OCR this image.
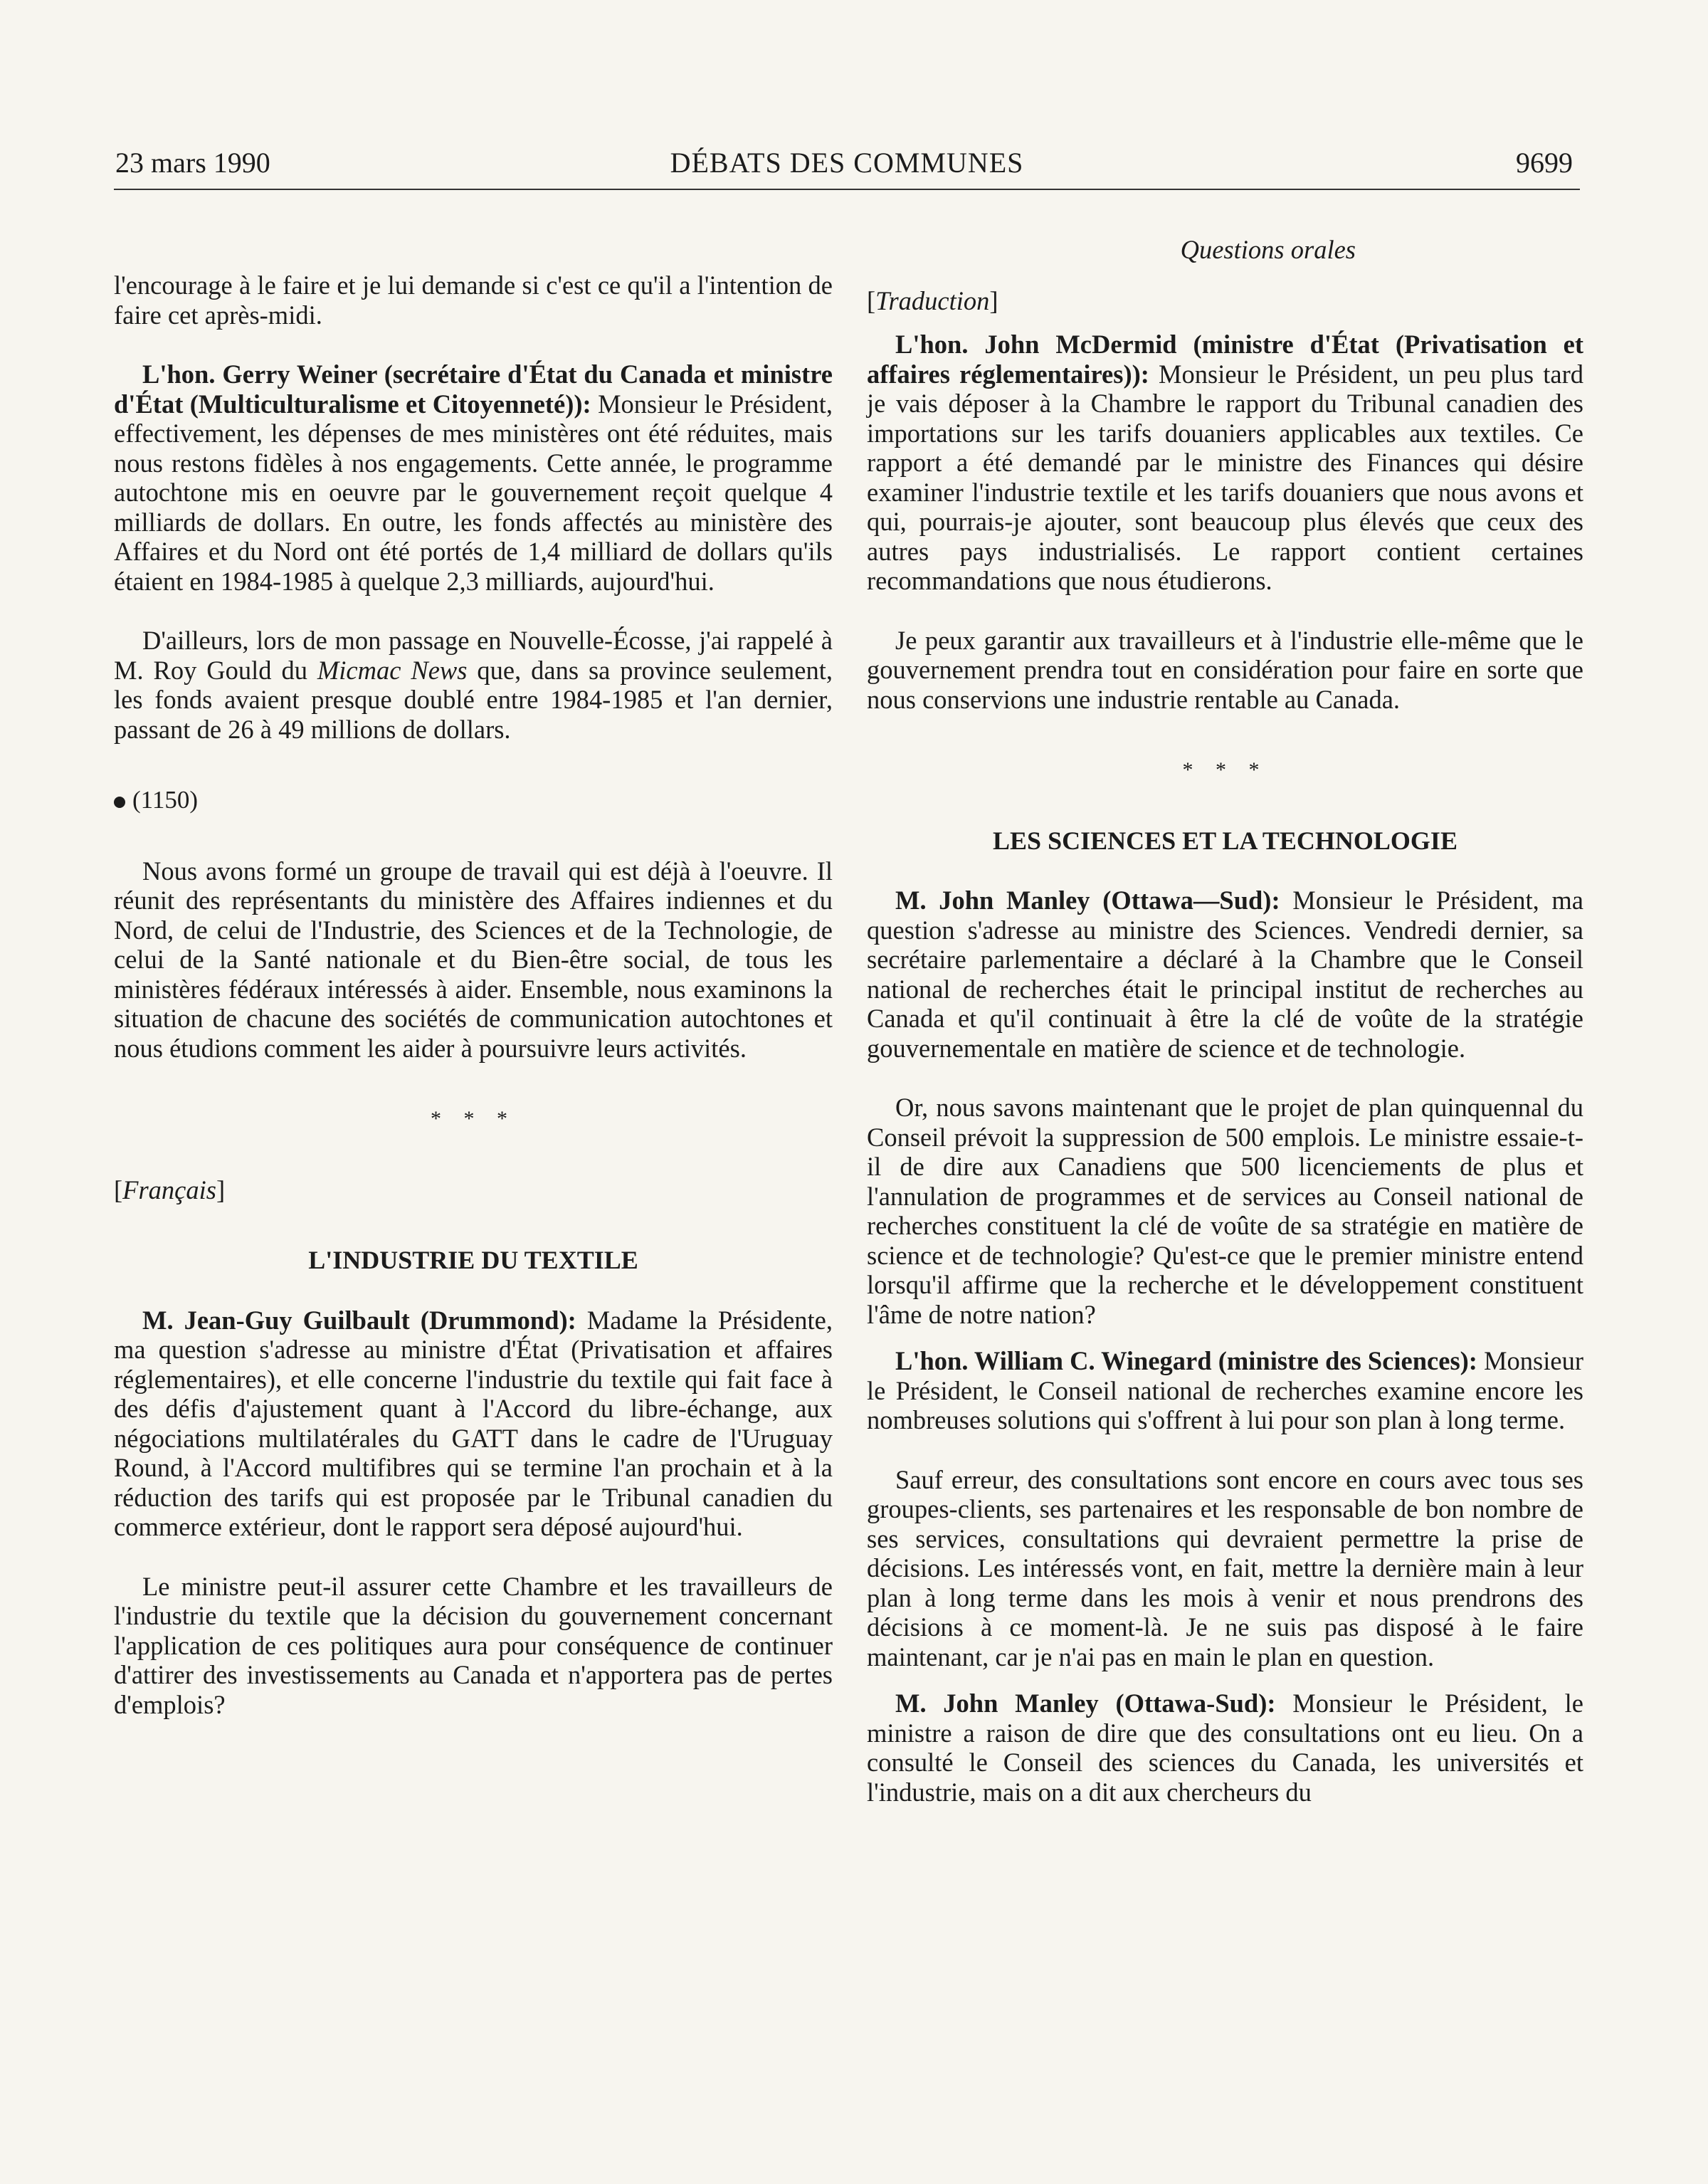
23 mars 1990	DÉBATS DES COMMUNES	9699

l'encourage à le faire et je lui demande si c'est ce qu'il a l'intention de faire cet après-midi.

L'hon. Gerry Weiner (secrétaire d'État du Canada et ministre d'État (Multiculturalisme et Citoyenneté)): Monsieur le Président, effectivement, les dépenses de mes ministères ont été réduites, mais nous restons fidèles à nos engagements. Cette année, le programme autochtone mis en oeuvre par le gouvernement reçoit quelque 4 milliards de dollars. En outre, les fonds affectés au ministère des Affaires et du Nord ont été portés de 1,4 milliard de dollars qu'ils étaient en 1984-1985 à quelque 2,3 milliards, aujourd'hui.

D'ailleurs, lors de mon passage en Nouvelle-Écosse, j'ai rappelé à M. Roy Gould du Micmac News que, dans sa province seulement, les fonds avaient presque doublé entre 1984-1985 et l'an dernier, passant de 26 à 49 millions de dollars.

(1150)

Nous avons formé un groupe de travail qui est déjà à l'oeuvre. Il réunit des représentants du ministère des Affaires indiennes et du Nord, de celui de l'Industrie, des Sciences et de la Technologie, de celui de la Santé nationale et du Bien-être social, de tous les ministères fédéraux intéressés à aider. Ensemble, nous examinons la situation de chacune des sociétés de communication autochtones et nous étudions comment les aider à poursuivre leurs activités.

* * *

[Français]

L'INDUSTRIE DU TEXTILE

M. Jean-Guy Guilbault (Drummond): Madame la Présidente, ma question s'adresse au ministre d'État (Privatisation et affaires réglementaires), et elle concerne l'industrie du textile qui fait face à des défis d'ajustement quant à l'Accord du libre-échange, aux négociations multilatérales du GATT dans le cadre de l'Uruguay Round, à l'Accord multifibres qui se termine l'an prochain et à la réduction des tarifs qui est proposée par le Tribunal canadien du commerce extérieur, dont le rapport sera déposé aujourd'hui.

Le ministre peut-il assurer cette Chambre et les travailleurs de l'industrie du textile que la décision du gouvernement concernant l'application de ces politiques aura pour conséquence de continuer d'attirer des investissements au Canada et n'apportera pas de pertes d'emplois?

Questions orales

[Traduction]

L'hon. John McDermid (ministre d'État (Privatisation et affaires réglementaires)): Monsieur le Président, un peu plus tard je vais déposer à la Chambre le rapport du Tribunal canadien des importations sur les tarifs douaniers applicables aux textiles. Ce rapport a été demandé par le ministre des Finances qui désire examiner l'industrie textile et les tarifs douaniers que nous avons et qui, pourrais-je ajouter, sont beaucoup plus élevés que ceux des autres pays industrialisés. Le rapport contient certaines recommandations que nous étudierons.

Je peux garantir aux travailleurs et à l'industrie elle-même que le gouvernement prendra tout en considération pour faire en sorte que nous conservions une industrie rentable au Canada.

* * *

LES SCIENCES ET LA TECHNOLOGIE

M. John Manley (Ottawa—Sud): Monsieur le Président, ma question s'adresse au ministre des Sciences. Vendredi dernier, sa secrétaire parlementaire a déclaré à la Chambre que le Conseil national de recherches était le principal institut de recherches au Canada et qu'il continuait à être la clé de voûte de la stratégie gouvernementale en matière de science et de technologie.

Or, nous savons maintenant que le projet de plan quinquennal du Conseil prévoit la suppression de 500 emplois. Le ministre essaie-t-il de dire aux Canadiens que 500 licenciements de plus et l'annulation de programmes et de services au Conseil national de recherches constituent la clé de voûte de sa stratégie en matière de science et de technologie? Qu'est-ce que le premier ministre entend lorsqu'il affirme que la recherche et le développement constituent l'âme de notre nation?

L'hon. William C. Winegard (ministre des Sciences): Monsieur le Président, le Conseil national de recherches examine encore les nombreuses solutions qui s'offrent à lui pour son plan à long terme.

Sauf erreur, des consultations sont encore en cours avec tous ses groupes-clients, ses partenaires et les responsable de bon nombre de ses services, consultations qui devraient permettre la prise de décisions. Les intéressés vont, en fait, mettre la dernière main à leur plan à long terme dans les mois à venir et nous prendrons des décisions à ce moment-là. Je ne suis pas disposé à le faire maintenant, car je n'ai pas en main le plan en question.

M. John Manley (Ottawa-Sud): Monsieur le Président, le ministre a raison de dire que des consultations ont eu lieu. On a consulté le Conseil des sciences du Canada, les universités et l'industrie, mais on a dit aux chercheurs du
